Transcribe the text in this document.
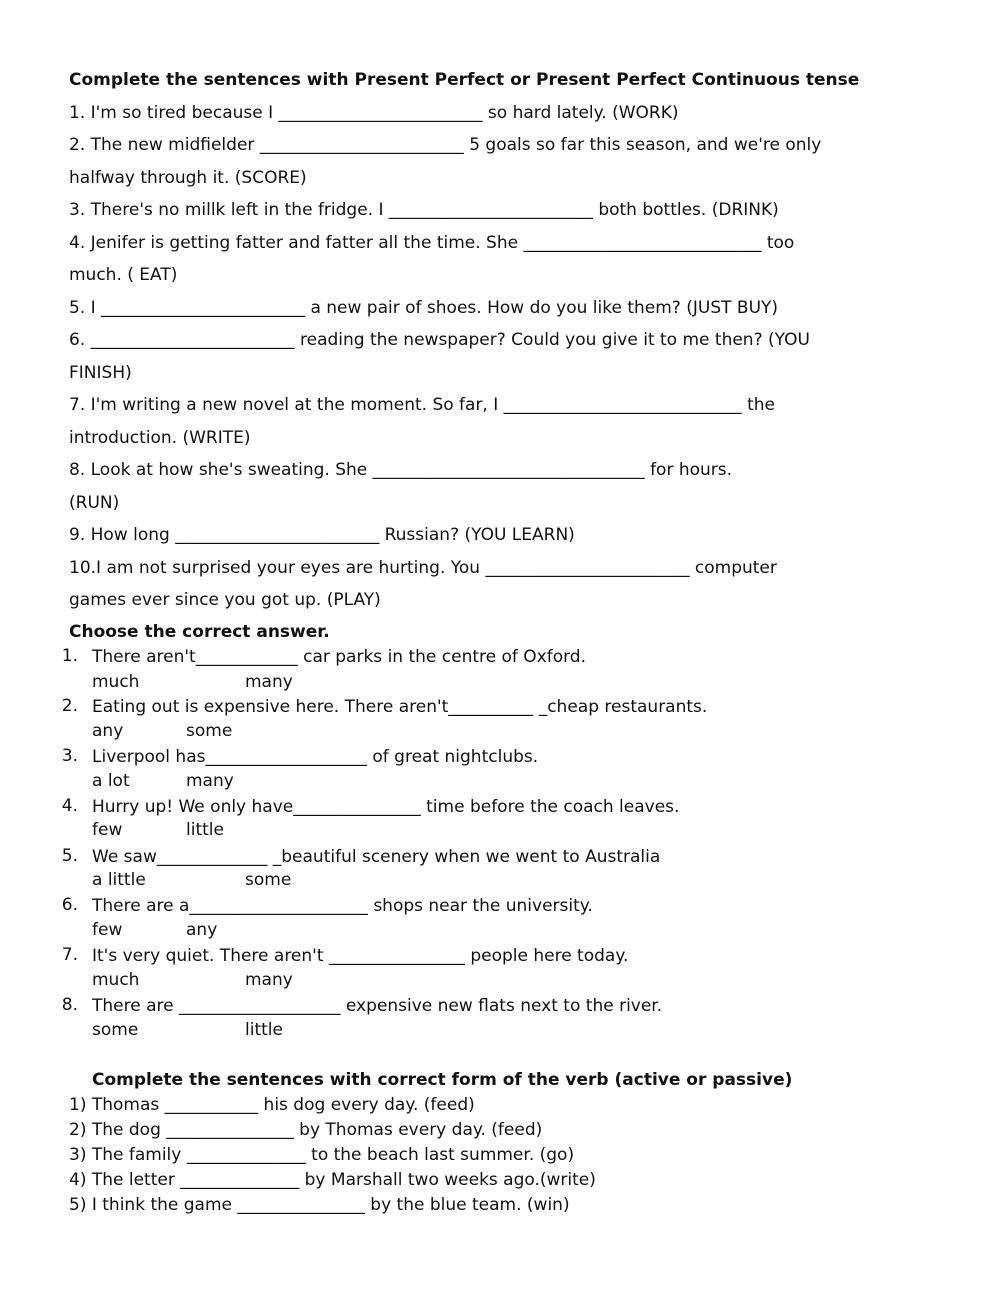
Complete the sentences with Present Perfect or Present Perfect Continuous tense
1. I'm so tired because I ________________________ so hard lately. (WORK)
2. The new midfielder ________________________ 5 goals so far this season, and we're only
halfway through it. (SCORE)
3. There's no millk left in the fridge. I ________________________ both bottles. (DRINK)
4. Jenifer is getting fatter and fatter all the time. She ____________________________ too
much. ( EAT)
5. I ________________________ a new pair of shoes. How do you like them? (JUST BUY)
6. ________________________ reading the newspaper? Could you give it to me then? (YOU
FINISH)
7. I'm writing a new novel at the moment. So far, I ____________________________ the
introduction. (WRITE)
8. Look at how she's sweating. She ________________________________ for hours.
(RUN)
9. How long ________________________ Russian? (YOU LEARN)
10.I am not surprised your eyes are hurting. You ________________________ computer
games ever since you got up. (PLAY)
Choose the correct answer.
1. There aren't____________ car parks in the centre of Oxford.
much	many
2. Eating out is expensive here. There aren't__________ _cheap restaurants.
any	some
3. Liverpool has___________________ of great nightclubs.
a lot	many
4. Hurry up! We only have_______________ time before the coach leaves.
few	little
5. We saw_____________ _beautiful scenery when we went to Australia
a little	some
6. There are a_____________________ shops near the university.
few	any
7. It's very quiet. There aren't ________________ people here today.
much	many
8. There are ___________________ expensive new flats next to the river.
some	little
Complete the sentences with correct form of the verb (active or passive)
1) Thomas ___________ his dog every day. (feed)
2) The dog _______________ by Thomas every day. (feed)
3) The family ______________ to the beach last summer. (go)
4) The letter ______________ by Marshall two weeks ago.(write)
5) I think the game _______________ by the blue team. (win)
